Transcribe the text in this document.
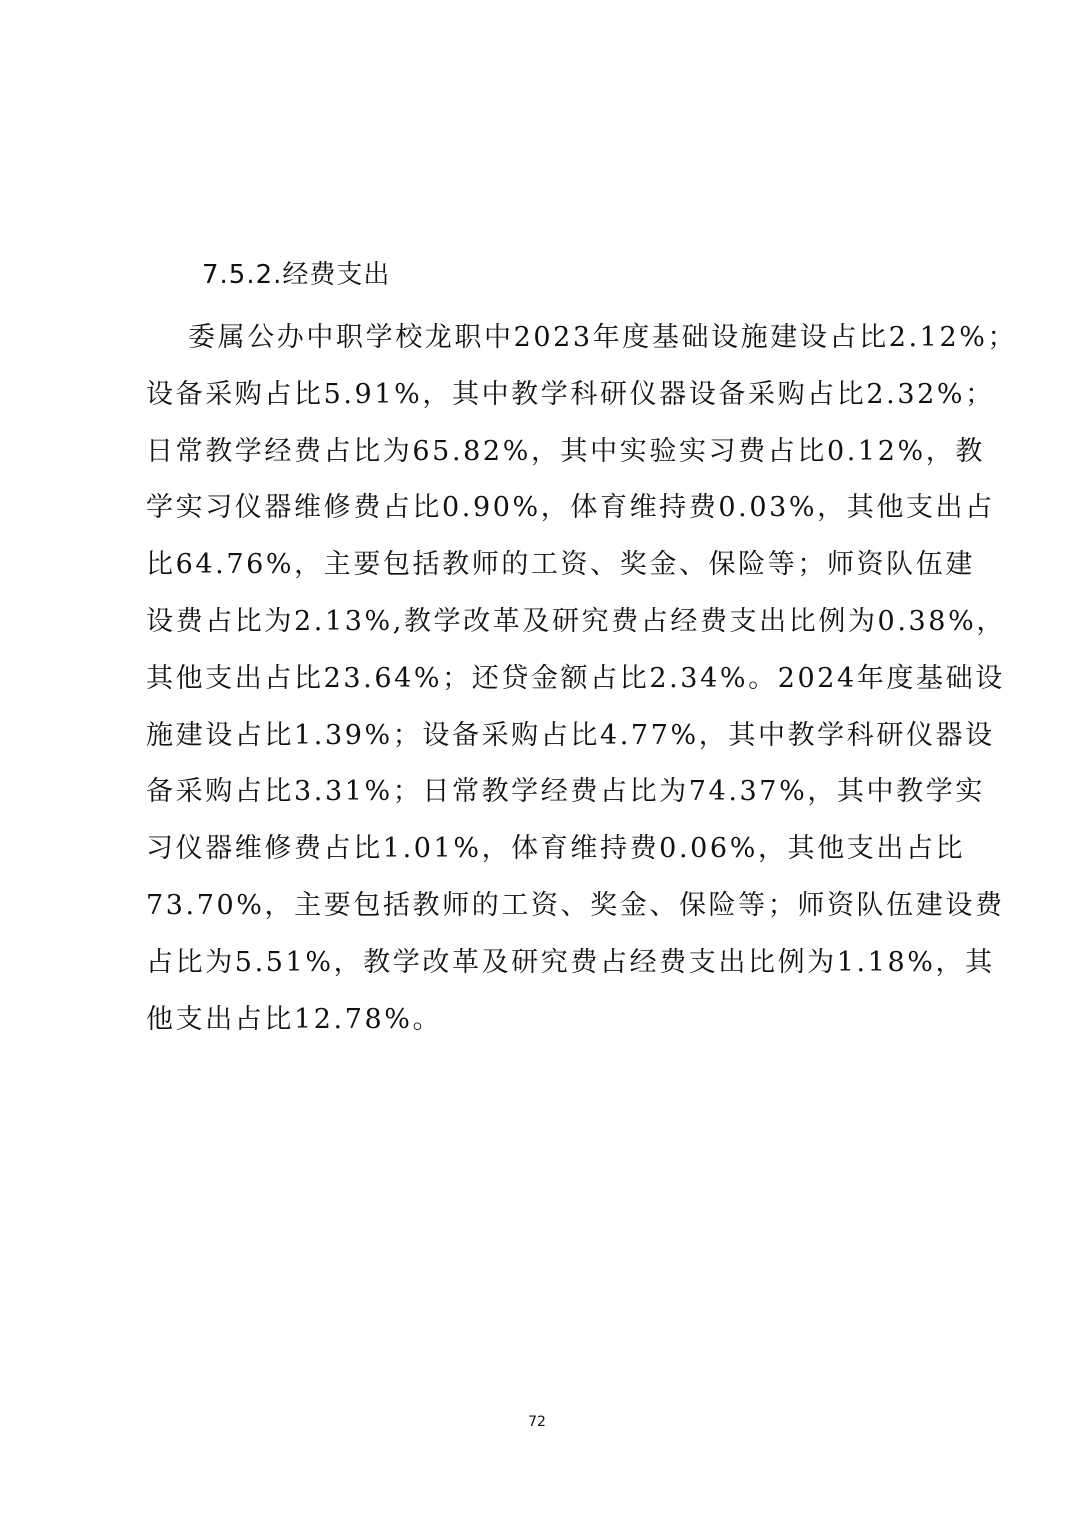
7.5.2.经费支出
委属公办中职学校龙职中2023年度基础设施建设占比2.12%；
设备采购占比5.91%，其中教学科研仪器设备采购占比2.32%；
日常教学经费占比为65.82%，其中实验实习费占比0.12%，教
学实习仪器维修费占比0.90%，体育维持费0.03%，其他支出占
比64.76%，主要包括教师的工资、奖金、保险等；师资队伍建
设费占比为2.13%,教学改革及研究费占经费支出比例为0.38%，
其他支出占比23.64%；还贷金额占比2.34%。2024年度基础设
施建设占比1.39%；设备采购占比4.77%，其中教学科研仪器设
备采购占比3.31%；日常教学经费占比为74.37%，其中教学实
习仪器维修费占比1.01%，体育维持费0.06%，其他支出占比
73.70%，主要包括教师的工资、奖金、保险等；师资队伍建设费
占比为5.51%，教学改革及研究费占经费支出比例为1.18%，其
他支出占比12.78%。
72
